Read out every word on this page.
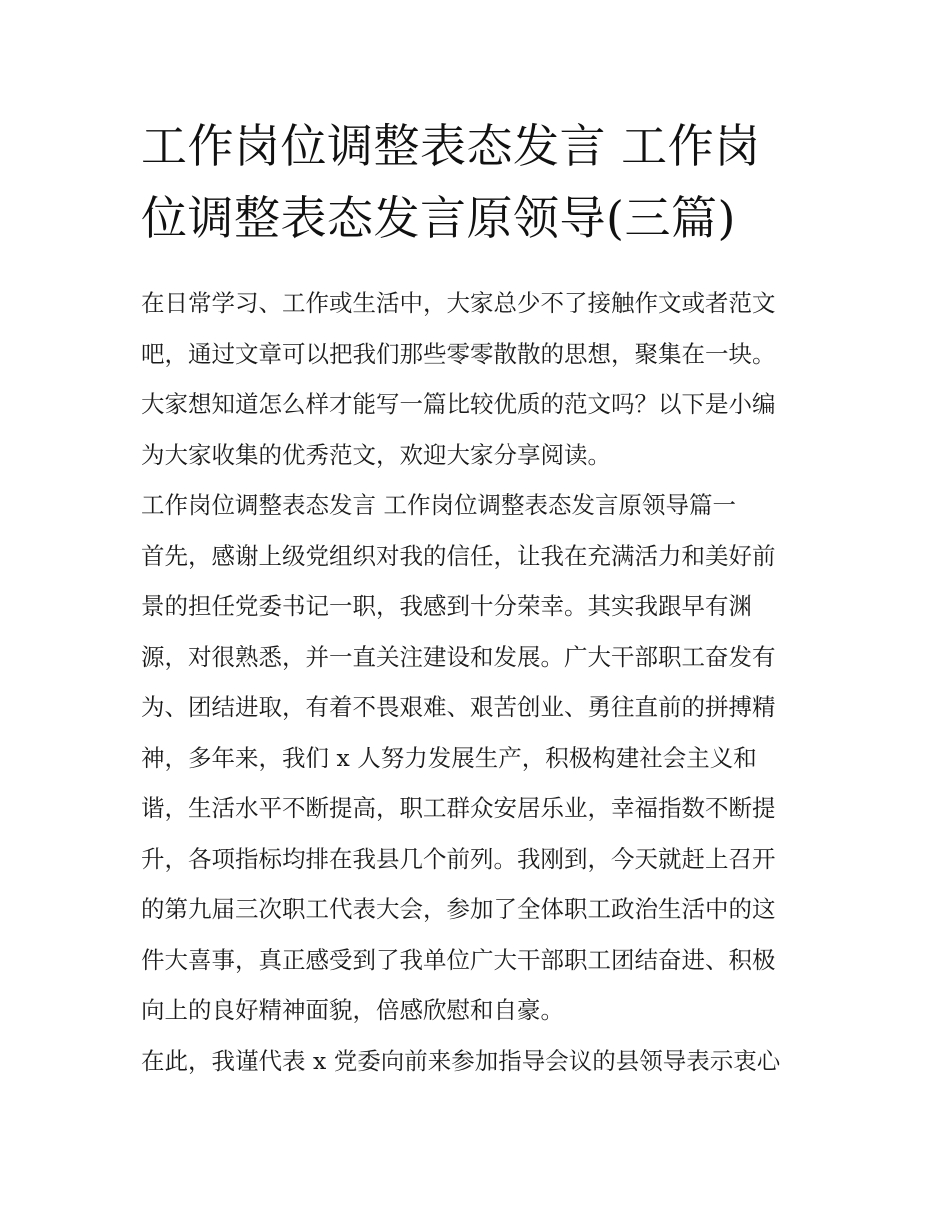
工作岗位调整表态发言 工作岗
位调整表态发言原领导(三篇)

在日常学习、工作或生活中，大家总少不了接触作文或者范文
吧，通过文章可以把我们那些零零散散的思想，聚集在一块。
大家想知道怎么样才能写一篇比较优质的范文吗？以下是小编
为大家收集的优秀范文，欢迎大家分享阅读。

工作岗位调整表态发言 工作岗位调整表态发言原领导篇一

首先，感谢上级党组织对我的信任，让我在充满活力和美好前
景的担任党委书记一职，我感到十分荣幸。其实我跟早有渊
源，对很熟悉，并一直关注建设和发展。广大干部职工奋发有
为、团结进取，有着不畏艰难、艰苦创业、勇往直前的拼搏精
神，多年来，我们 x 人努力发展生产，积极构建社会主义和
谐，生活水平不断提高，职工群众安居乐业，幸福指数不断提
升，各项指标均排在我县几个前列。我刚到，今天就赶上召开
的第九届三次职工代表大会，参加了全体职工政治生活中的这
件大喜事，真正感受到了我单位广大干部职工团结奋进、积极
向上的良好精神面貌，倍感欣慰和自豪。

在此，我谨代表 x 党委向前来参加指导会议的县领导表示衷心
